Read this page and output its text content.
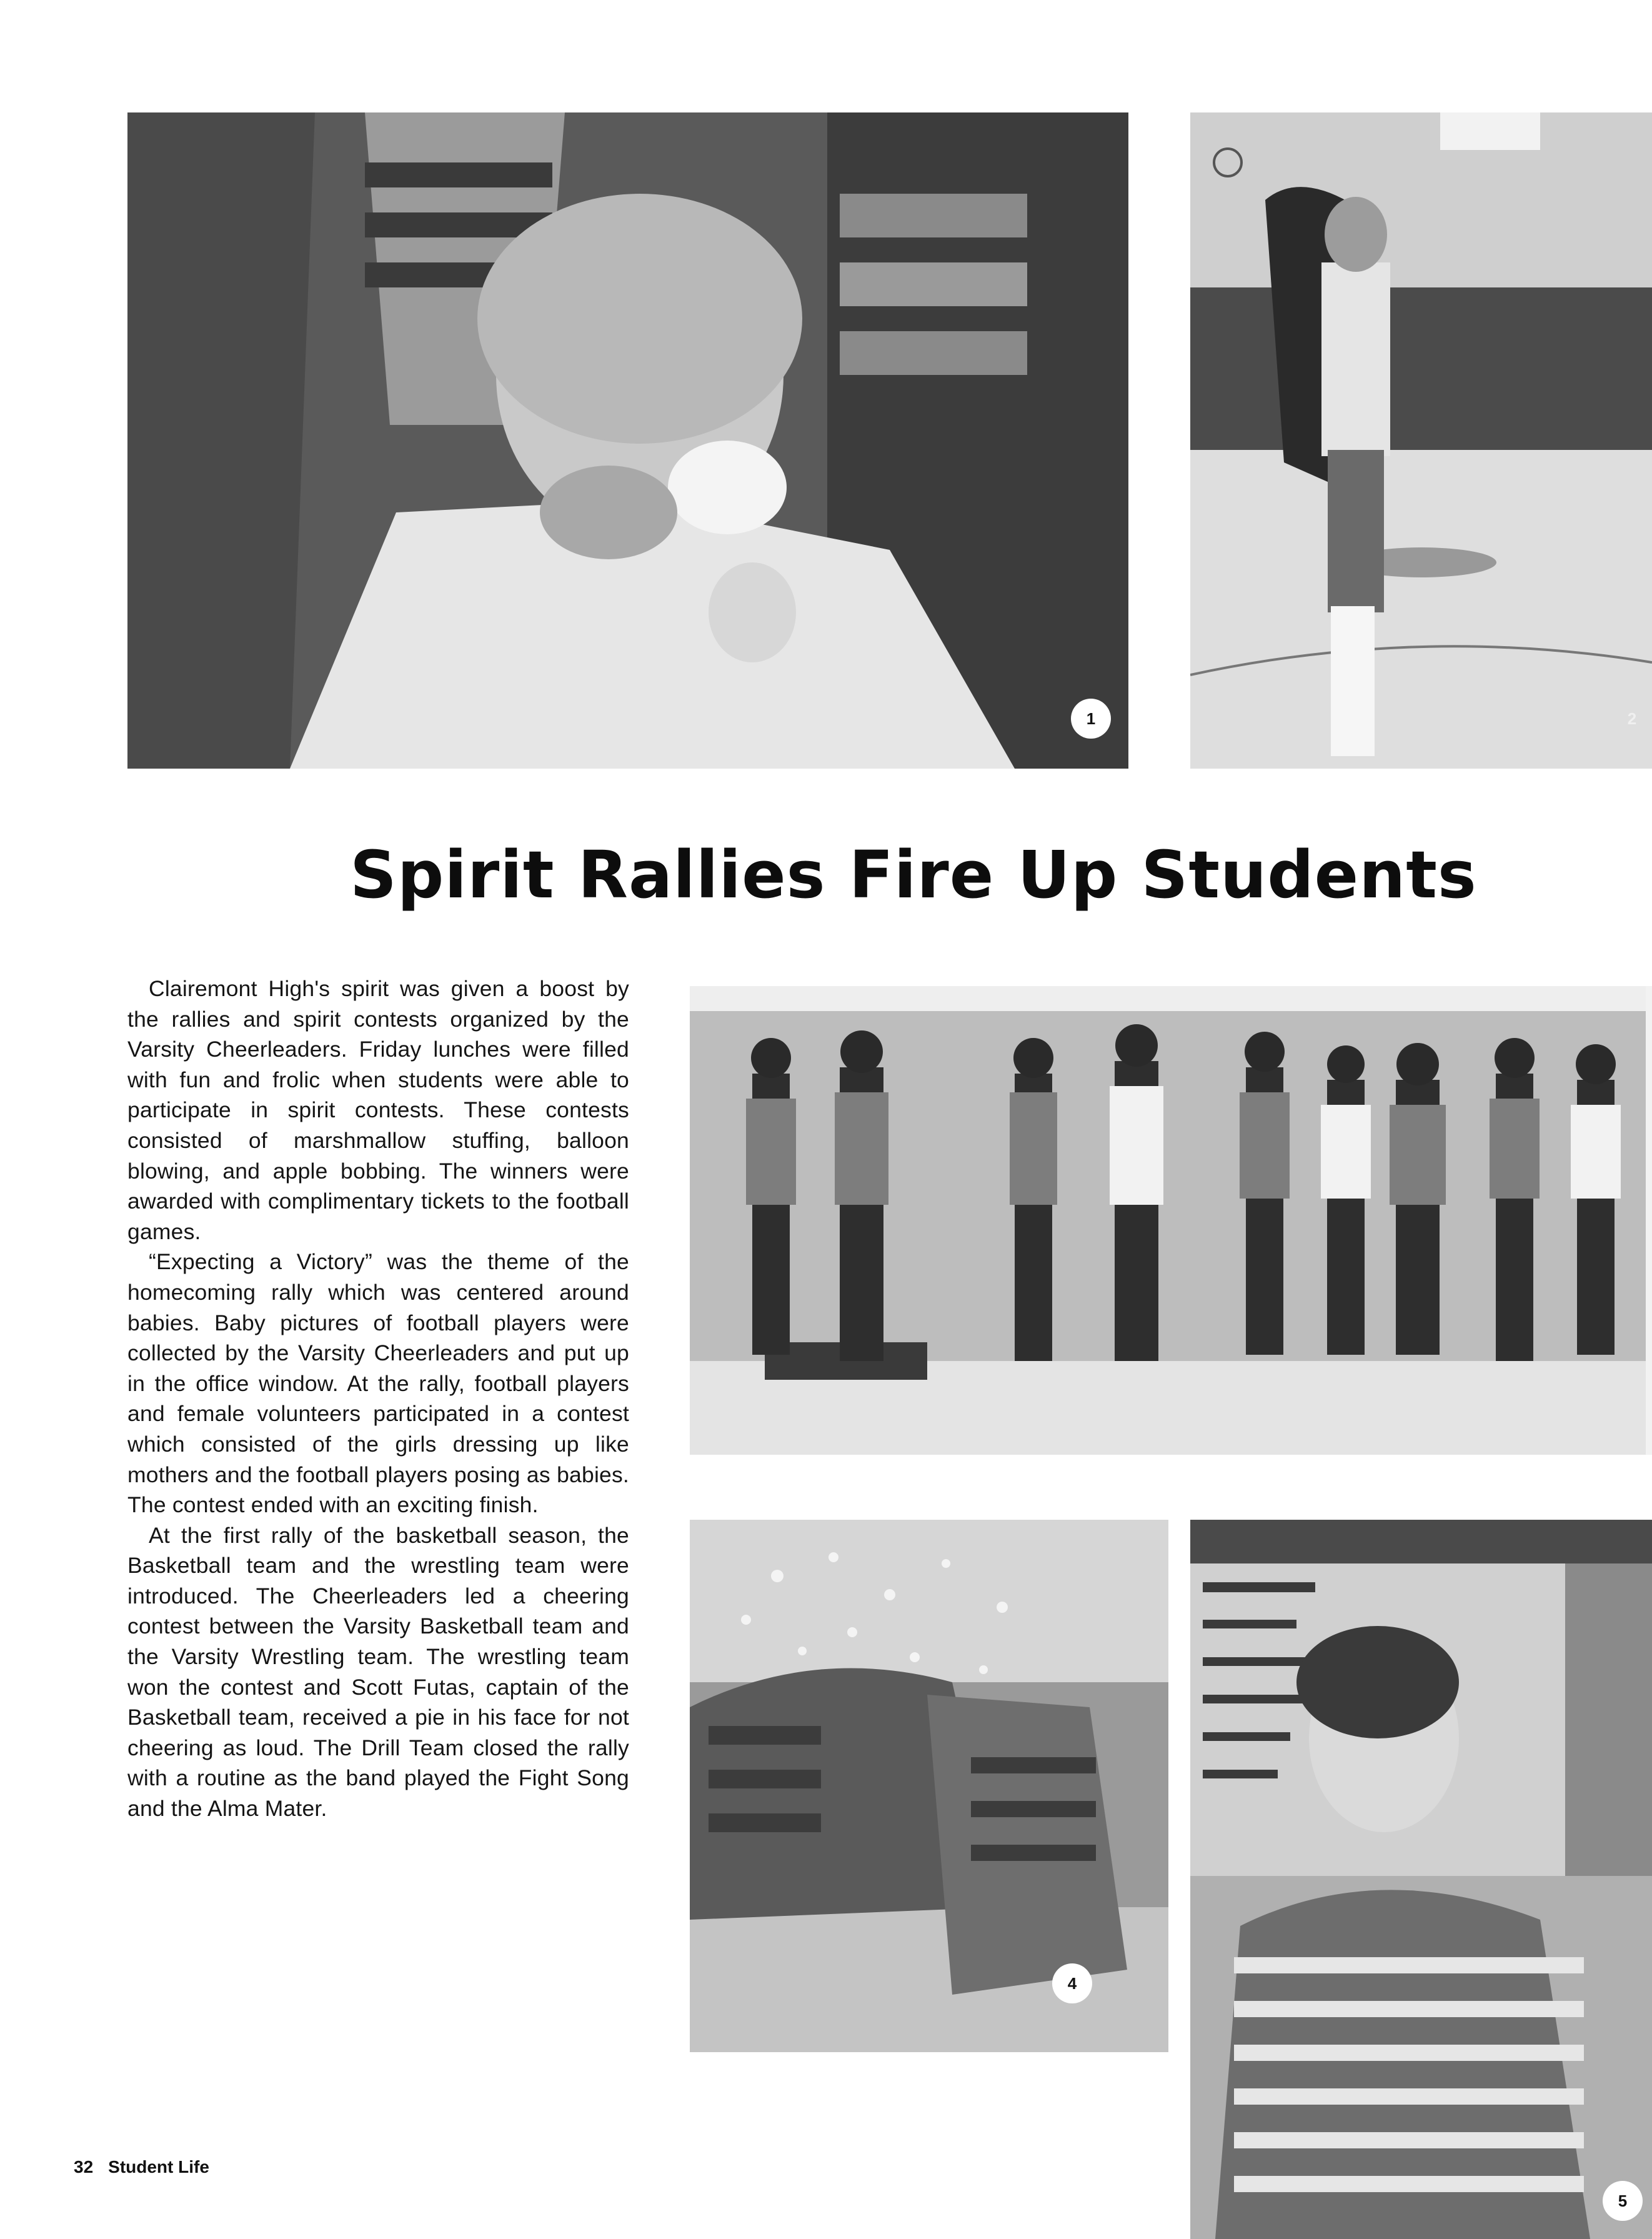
1	2
4
5
Spirit Rallies Fire Up Students

Clairemont High's spirit was given a boost by the rallies and spirit contests organized by the Varsity Cheerleaders. Friday lunches were filled with fun and frolic when students were able to participate in spirit contests. These contests consisted of marshmallow stuffing, balloon blowing, and apple bobbing. The winners were awarded with complimentary tickets to the football games.

“Expecting a Victory” was the theme of the homecoming rally which was centered around babies. Baby pictures of football players were collected by the Varsity Cheerleaders and put up in the office window. At the rally, football players and female volunteers participated in a contest which consisted of the girls dressing up like mothers and the football players posing as babies. The contest ended with an exciting finish.

At the first rally of the basketball season, the Basketball team and the wrestling team were introduced. The Cheerleaders led a cheering contest between the Varsity Basketball team and the Varsity Wrestling team. The wrestling team won the contest and Scott Futas, captain of the Basketball team, received a pie in his face for not cheering as loud. The Drill Team closed the rally with a routine as the band played the Fight Song and the Alma Mater.

32 Student Life
